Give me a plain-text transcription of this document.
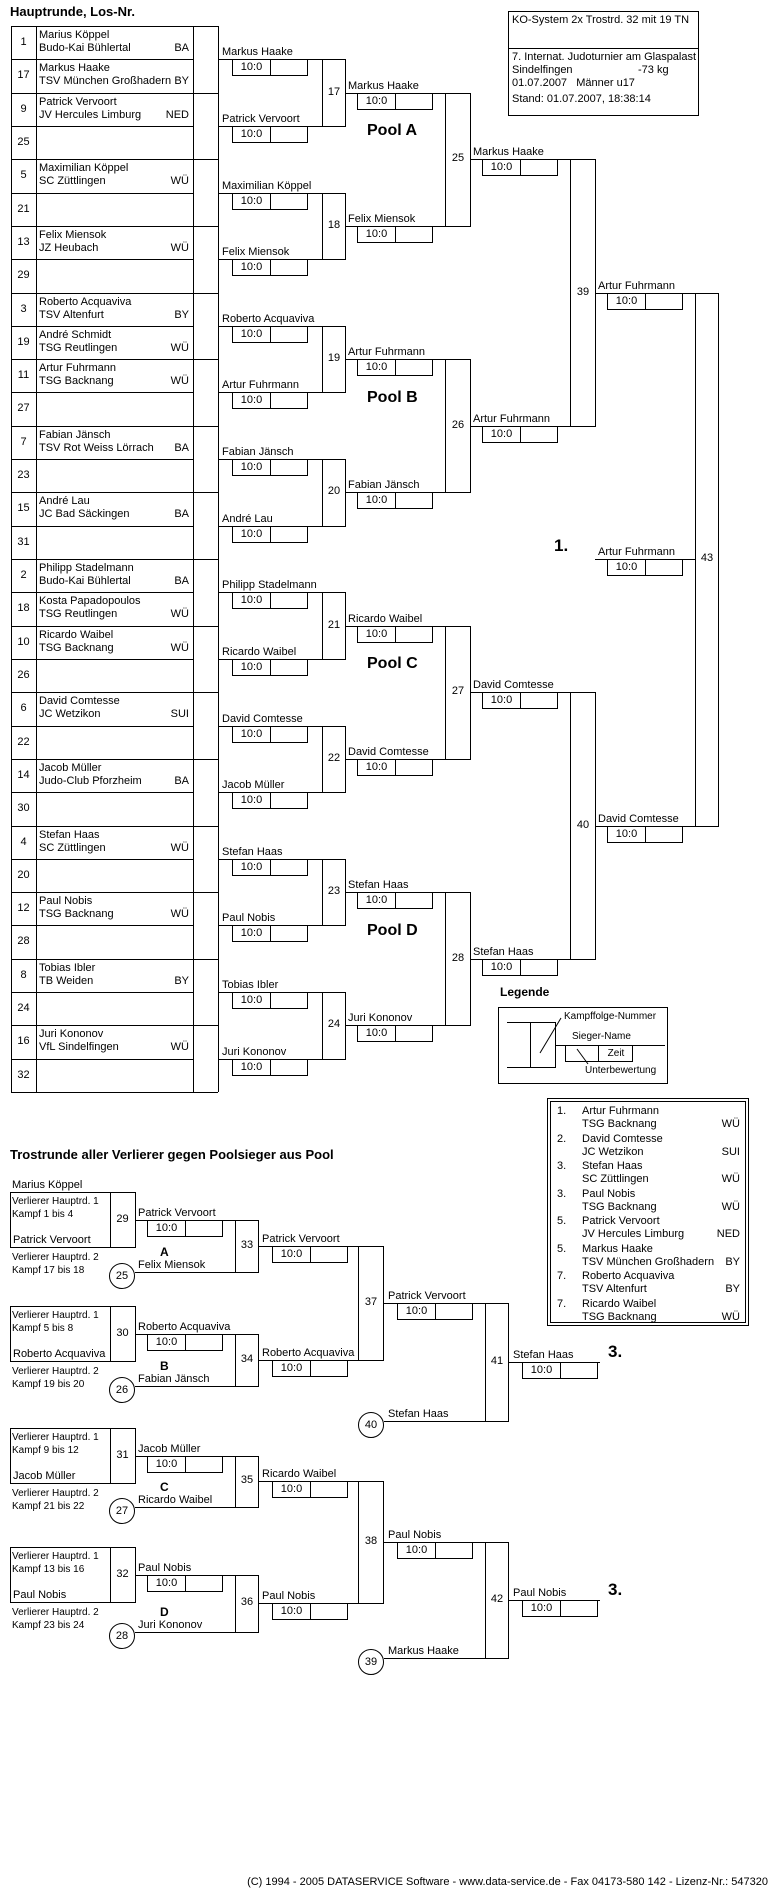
Hauptrunde, Los-Nr.
KO-System 2x Trostrd. 32 mit 19 TN
7. Internat. Judoturnier am Glaspalast
Sindelfingen	-73 kg
01.07.2007   Männer u17
Stand: 01.07.2007, 18:38:14
Trostrunde aller Verlierer gegen Poolsieger aus Pool
Legende
Kampffolge-Nummer
Sieger-Name
Zeit
Unterbewertung
(C) 1994 - 2005 DATASERVICE Software - www.data-service.de - Fax 04173-580 142 - Lizenz-Nr.: 547320
1
Marius Köppel
Budo-Kai Bühlertal	BA
17
Markus Haake
TSV München Großhadern BY
9
Patrick Vervoort
JV Hercules Limburg	NED
25
5
Maximilian Köppel
SC Züttlingen	WÜ
21
13
Felix Miensok
JZ Heubach	WÜ
29
3
Roberto Acquaviva
TSV Altenfurt	BY
19
André Schmidt
TSG Reutlingen	WÜ
11
Artur Fuhrmann
TSG Backnang	WÜ
27
7
Fabian Jänsch
TSV Rot Weiss Lörrach	BA
23
15
André Lau
JC Bad Säckingen	BA
31
2
Philipp Stadelmann
Budo-Kai Bühlertal	BA
18
Kosta Papadopoulos
TSG Reutlingen	WÜ
10
Ricardo Waibel
TSG Backnang	WÜ
26
6
David Comtesse
JC Wetzikon	SUI
22
14
Jacob Müller
Judo-Club Pforzheim	BA
30
4
Stefan Haas
SC Züttlingen	WÜ
20
12
Paul Nobis
TSG Backnang	WÜ
28
8
Tobias Ibler
TB Weiden	BY
24
16
Juri Kononov
VfL Sindelfingen	WÜ
32
Markus Haake
10:0
Patrick Vervoort
10:0
Maximilian Köppel
10:0
Felix Miensok
10:0
Roberto Acquaviva
10:0
Artur Fuhrmann
10:0
Fabian Jänsch
10:0
André Lau
10:0
Philipp Stadelmann
10:0
Ricardo Waibel
10:0
David Comtesse
10:0
Jacob Müller
10:0
Stefan Haas
10:0
Paul Nobis
10:0
Tobias Ibler
10:0
Juri Kononov
10:0
17 Markus Haake
10:0
18 Felix Miensok
10:0
19 Artur Fuhrmann
10:0
20 Fabian Jänsch
10:0
21 Ricardo Waibel
10:0
22 David Comtesse
10:0
23 Stefan Haas
10:0
24 Juri Kononov
10:0
25 Markus Haake
10:0
Pool A
26 Artur Fuhrmann
10:0
Pool B
27 David Comtesse
10:0
Pool C
28 Stefan Haas
10:0
Pool D
39 Artur Fuhrmann
10:0
40 David Comtesse
10:0
43
Artur Fuhrmann
10:0
1.
Marius Köppel
29
Verlierer Hauptrd. 1
Kampf 1 bis 4
Patrick Vervoort
Verlierer Hauptrd. 2
Kampf 17 bis 18
Patrick Vervoort
10:0
A
Felix Miensok
25
33 Patrick Vervoort
10:0
30
Verlierer Hauptrd. 1
Kampf 5 bis 8
Roberto Acquaviva
Verlierer Hauptrd. 2
Kampf 19 bis 20
Roberto Acquaviva
10:0
B
Fabian Jänsch
26
34 Roberto Acquaviva
10:0
31
Verlierer Hauptrd. 1
Kampf 9 bis 12
Jacob Müller
Verlierer Hauptrd. 2
Kampf 21 bis 22
Jacob Müller
10:0
C
Ricardo Waibel
27
35 Ricardo Waibel
10:0
32
Verlierer Hauptrd. 1
Kampf 13 bis 16
Paul Nobis
Verlierer Hauptrd. 2
Kampf 23 bis 24
Paul Nobis
10:0
D
Juri Kononov
28
36 Paul Nobis
10:0
37 Patrick Vervoort
10:0
38 Paul Nobis
10:0
40
Stefan Haas
41 Stefan Haas
10:0
3.
39
Markus Haake
42 Paul Nobis
10:0
3.
1. Artur Fuhrmann
TSG Backnang	WÜ
2. David Comtesse
JC Wetzikon	SUI
3. Stefan Haas
SC Züttlingen	WÜ
3. Paul Nobis
TSG Backnang	WÜ
5. Patrick Vervoort
JV Hercules Limburg	NED
5. Markus Haake
TSV München Großhadern	BY
7. Roberto Acquaviva
TSV Altenfurt	BY
7. Ricardo Waibel
TSG Backnang	WÜ
